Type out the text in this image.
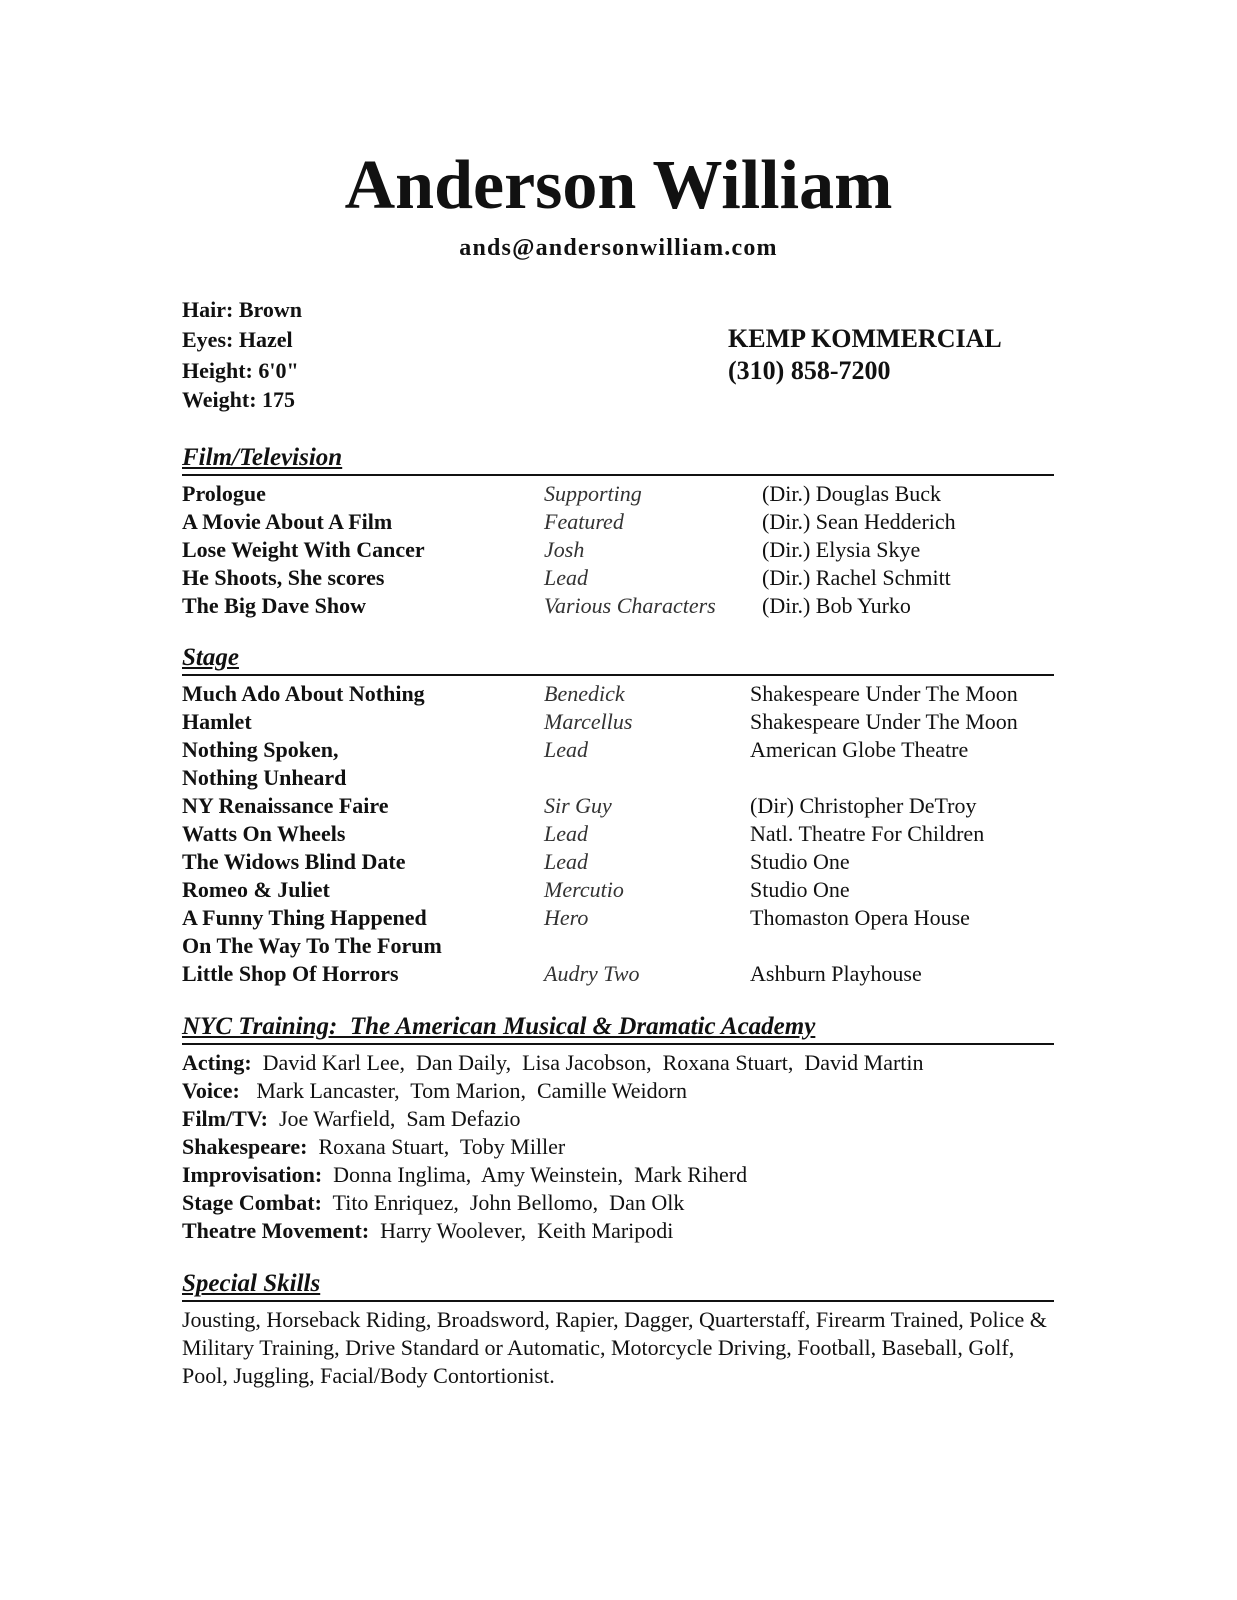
Anderson William
ands@andersonwilliam.com
Hair: Brown
Eyes: Hazel
Height: 6'0"
Weight: 175
KEMP KOMMERCIAL
(310) 858-7200
Film/Television
Prologue	Supporting	(Dir.) Douglas Buck
A Movie About A Film	Featured	(Dir.) Sean Hedderich
Lose Weight With Cancer	Josh	(Dir.) Elysia Skye
He Shoots, She scores	Lead	(Dir.) Rachel Schmitt
The Big Dave Show	Various Characters (Dir.) Bob Yurko
Stage
Much Ado About Nothing	Benedick	Shakespeare Under The Moon
Hamlet	Marcellus	Shakespeare Under The Moon
Nothing Spoken,	Lead	American Globe Theatre
Nothing Unheard
NY Renaissance Faire	Sir Guy	(Dir) Christopher DeTroy
Watts On Wheels	Lead	Natl. Theatre For Children
The Widows Blind Date	Lead	Studio One
Romeo & Juliet	Mercutio	Studio One
A Funny Thing Happened	Hero	Thomaston Opera House
On The Way To The Forum
Little Shop Of Horrors	Audry Two	Ashburn Playhouse
NYC Training:  The American Musical & Dramatic Academy
Acting: David Karl Lee,  Dan Daily,  Lisa Jacobson,  Roxana Stuart,  David Martin
Voice: Mark Lancaster,  Tom Marion,  Camille Weidorn
Film/TV: Joe Warfield,  Sam Defazio
Shakespeare: Roxana Stuart,  Toby Miller
Improvisation: Donna Inglima,  Amy Weinstein,  Mark Riherd
Stage Combat: Tito Enriquez,  John Bellomo,  Dan Olk
Theatre Movement: Harry Woolever,  Keith Maripodi
Special Skills
Jousting, Horseback Riding, Broadsword, Rapier, Dagger, Quarterstaff, Firearm Trained, Police & Military Training, Drive Standard or Automatic, Motorcycle Driving, Football, Baseball, Golf, Pool, Juggling, Facial/Body Contortionist.
